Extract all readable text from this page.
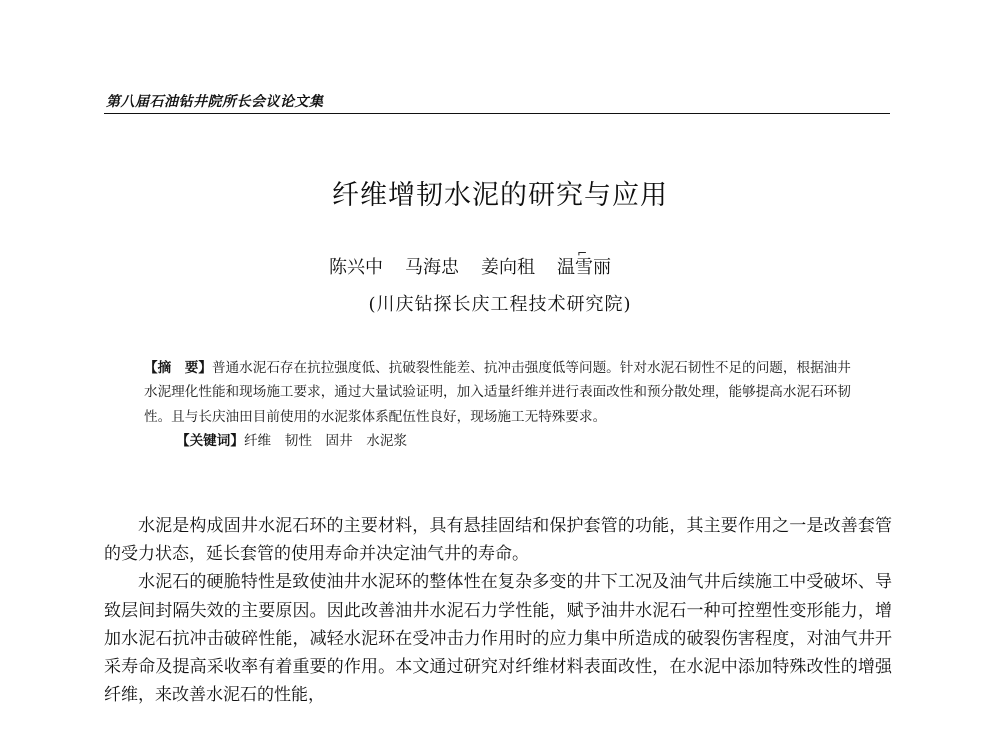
第八届石油钻井院所长会议论文集
纤维增韧水泥的研究与应用
陈兴中 马海忠 姜向租 温雪丽
⌐
(川庆钻探长庆工程技术研究院)

【摘　要】普通水泥石存在抗拉强度低、抗破裂性能差、抗冲击强度低等问题。针对水泥石韧性不足的问题，根据油井水泥理化性能和现场施工要求，通过大量试验证明，加入适量纤维并进行表面改性和预分散处理，能够提高水泥石环韧性。且与长庆油田目前使用的水泥浆体系配伍性良好，现场施工无特殊要求。

【关键词】纤维　韧性　固井　水泥浆

水泥是构成固井水泥石环的主要材料，具有悬挂固结和保护套管的功能，其主要作用之一是改善套管的受力状态，延长套管的使用寿命并决定油气井的寿命。

水泥石的硬脆特性是致使油井水泥环的整体性在复杂多变的井下工况及油气井后续施工中受破坏、导致层间封隔失效的主要原因。因此改善油井水泥石力学性能，赋予油井水泥石一种可控塑性变形能力，增加水泥石抗冲击破碎性能，减轻水泥环在受冲击力作用时的应力集中所造成的破裂伤害程度，对油气井开采寿命及提高采收率有着重要的作用。本文通过研究对纤维材料表面改性，在水泥中添加特殊改性的增强纤维，来改善水泥石的性能，
